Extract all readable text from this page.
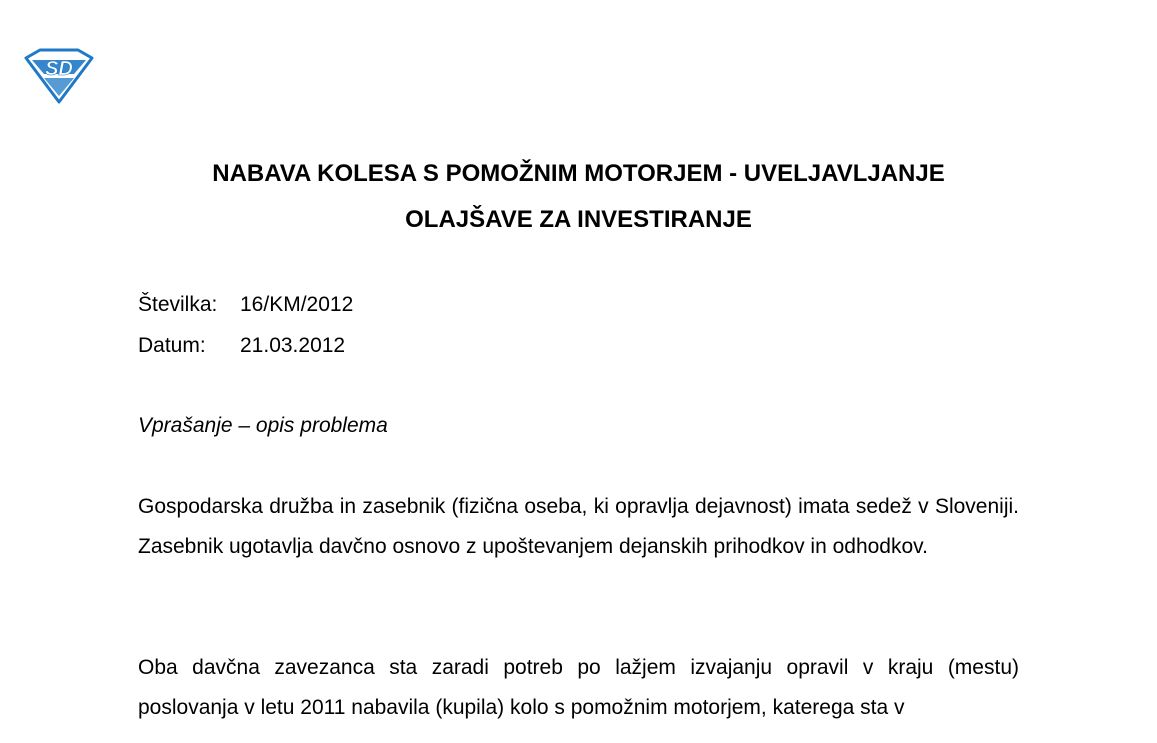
SD
NABAVA KOLESA S POMOŽNIM MOTORJEM - UVELJAVLJANJE
OLAJŠAVE ZA INVESTIRANJE
Številka: 16/KM/2012
Datum: 21.03.2012
Vprašanje – opis problema
Gospodarska družba in zasebnik (fizična oseba, ki opravlja dejavnost) imata sedež v Sloveniji. Zasebnik ugotavlja davčno osnovo z upoštevanjem dejanskih prihodkov in odhodkov.
Oba davčna zavezanca sta zaradi potreb po lažjem izvajanju opravil v kraju (mestu) poslovanja v letu 2011 nabavila (kupila) kolo s pomožnim motorjem, katerega sta v
